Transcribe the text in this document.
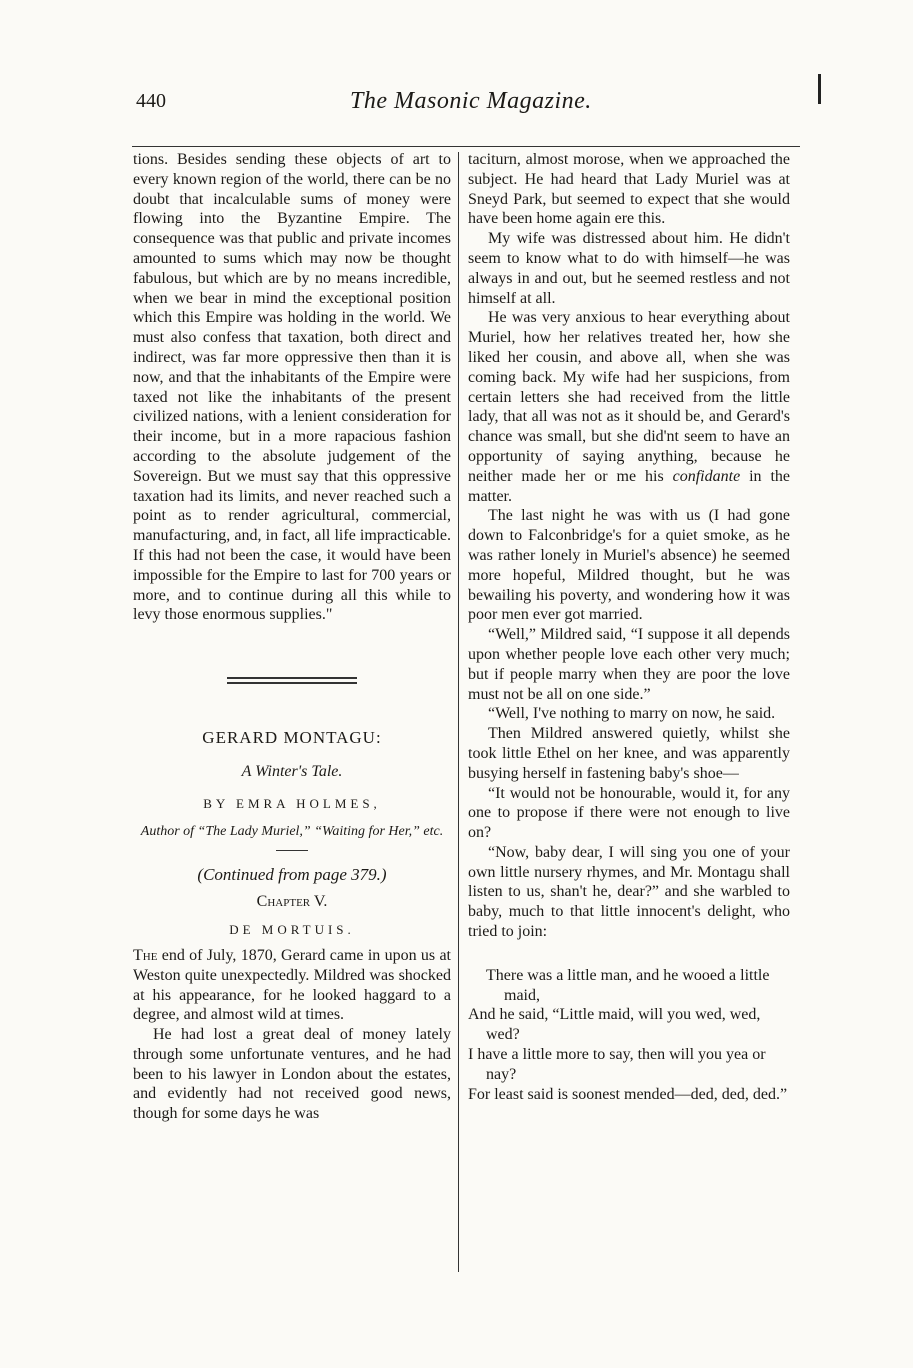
440	The Masonic Magazine.

tions. Besides sending these objects of art to every known region of the world, there can be no doubt that incalculable sums of money were flowing into the Byzantine Empire. The consequence was that public and private incomes amounted to sums which may now be thought fabulous, but which are by no means incredible, when we bear in mind the exceptional position which this Empire was holding in the world. We must also confess that taxation, both direct and indirect, was far more oppressive then than it is now, and that the inhabitants of the Empire were taxed not like the inhabitants of the present civilized nations, with a lenient consideration for their income, but in a more rapacious fashion according to the absolute judgement of the Sovereign. But we must say that this oppressive taxation had its limits, and never reached such a point as to render agricultural, commercial, manufacturing, and, in fact, all life impracticable. If this had not been the case, it would have been impossible for the Empire to last for 700 years or more, and to continue during all this while to levy those enormous supplies."

GERARD MONTAGU:
A Winter's Tale.
BY EMRA HOLMES,
Author of “The Lady Muriel,” “Waiting for Her,” etc.
(Continued from page 379.)
Chapter V.
DE MORTUIS.

The end of July, 1870, Gerard came in upon us at Weston quite unexpectedly. Mildred was shocked at his appearance, for he looked haggard to a degree, and almost wild at times.

He had lost a great deal of money lately through some unfortunate ventures, and he had been to his lawyer in London about the estates, and evidently had not received good news, though for some days he was

taciturn, almost morose, when we approached the subject. He had heard that Lady Muriel was at Sneyd Park, but seemed to expect that she would have been home again ere this.

My wife was distressed about him. He didn't seem to know what to do with himself—he was always in and out, but he seemed restless and not himself at all.

He was very anxious to hear everything about Muriel, how her relatives treated her, how she liked her cousin, and above all, when she was coming back. My wife had her suspicions, from certain letters she had received from the little lady, that all was not as it should be, and Gerard's chance was small, but she did'nt seem to have an opportunity of saying anything, because he neither made her or me his confidante in the matter.

The last night he was with us (I had gone down to Falconbridge's for a quiet smoke, as he was rather lonely in Muriel's absence) he seemed more hopeful, Mildred thought, but he was bewailing his poverty, and wondering how it was poor men ever got married.

“Well,” Mildred said, “I suppose it all depends upon whether people love each other very much; but if people marry when they are poor the love must not be all on one side.”

“Well, I've nothing to marry on now, he said.

Then Mildred answered quietly, whilst she took little Ethel on her knee, and was apparently busying herself in fastening baby's shoe—

“It would not be honourable, would it, for any one to propose if there were not enough to live on?

“Now, baby dear, I will sing you one of your own little nursery rhymes, and Mr. Montagu shall listen to us, shan't he, dear?” and she warbled to baby, much to that little innocent's delight, who tried to join:

There was a little man, and he wooed a little maid,

And he said, “Little maid, will you wed, wed, wed?

I have a little more to say, then will you yea or nay?

For least said is soonest mended—ded, ded, ded.”
